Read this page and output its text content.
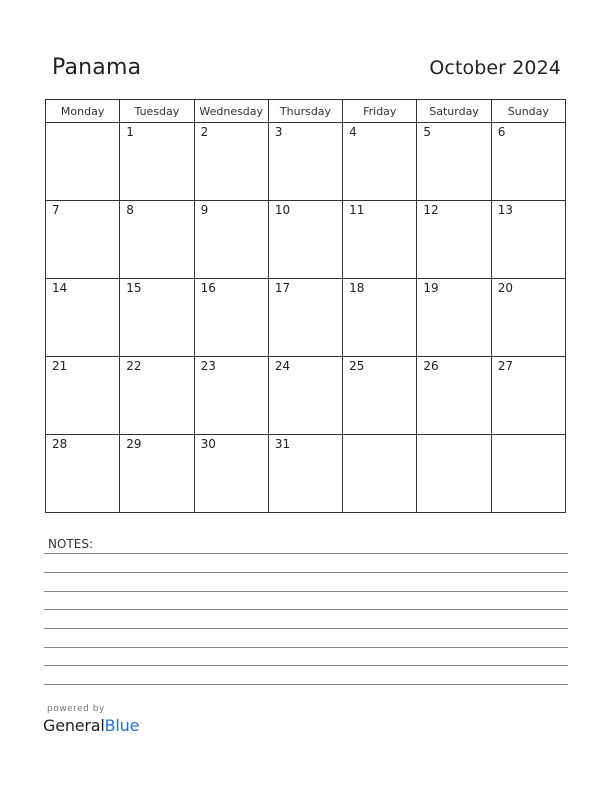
Panama	October 2024
Monday	Tuesday	Wednesday	Thursday	Friday	Saturday	Sunday

	1	2	3	4	5	6

7	8	9	10	11	12	13

14	15	16	17	18	19	20

21	22	23	24	25	26	27

28	29	30	31			

NOTES:
powered by
GeneralBlue
